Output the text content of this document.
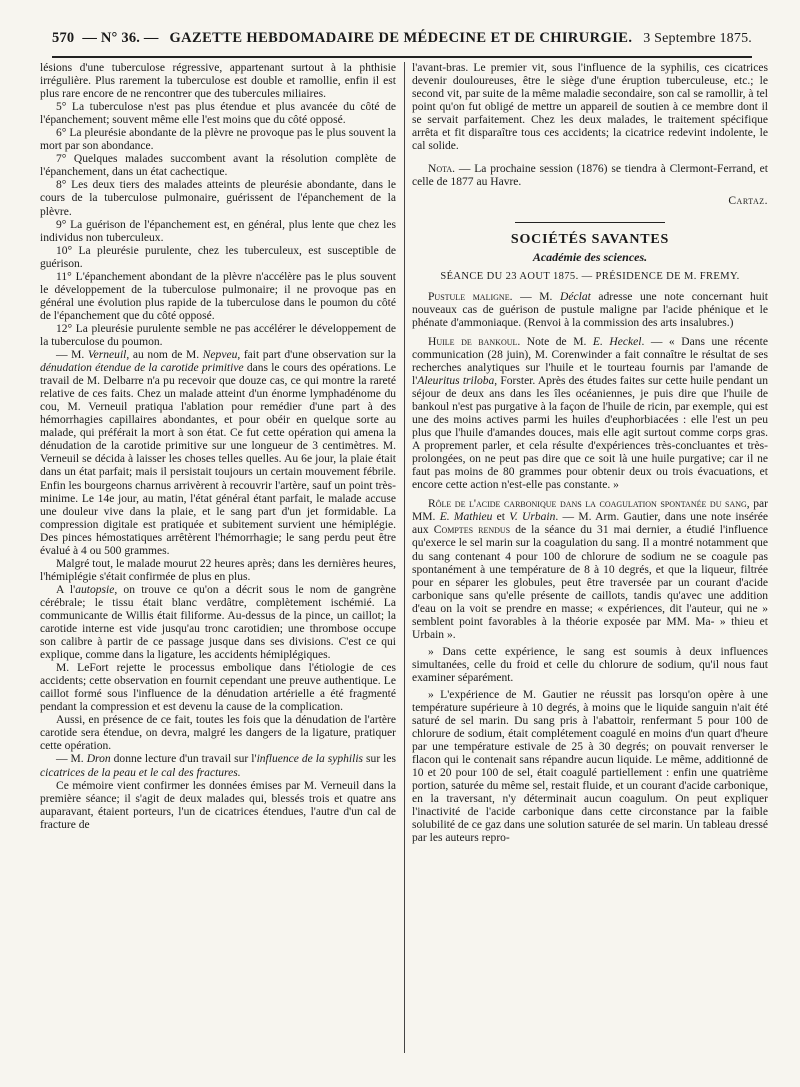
570 — N° 36. — GAZETTE HEBDOMADAIRE DE MÉDECINE ET DE CHIRURGIE. 3 Septembre 1875.

lésions d'une tuberculose régressive, appartenant surtout à la phthisie irrégulière. Plus rarement la tuberculose est double et ramollie, enfin il est plus rare encore de ne rencontrer que des tubercules miliaires.

5° La tuberculose n'est pas plus étendue et plus avancée du côté de l'épanchement; souvent même elle l'est moins que du côté opposé.

6° La pleurésie abondante de la plèvre ne provoque pas le plus souvent la mort par son abondance.

7° Quelques malades succombent avant la résolution complète de l'épanchement, dans un état cachectique.

8° Les deux tiers des malades atteints de pleurésie abondante, dans le cours de la tuberculose pulmonaire, guérissent de l'épanchement de la plèvre.

9° La guérison de l'épanchement est, en général, plus lente que chez les individus non tuberculeux.

10° La pleurésie purulente, chez les tuberculeux, est susceptible de guérison.

11° L'épanchement abondant de la plèvre n'accélère pas le plus souvent le développement de la tuberculose pulmonaire; il ne provoque pas en général une évolution plus rapide de la tuberculose dans le poumon du côté de l'épanchement que du côté opposé.

12° La pleurésie purulente semble ne pas accélérer le développement de la tuberculose du poumon.

— M. Verneuil, au nom de M. Nepveu, fait part d'une observation sur la dénudation étendue de la carotide primitive dans le cours des opérations. Le travail de M. Delbarre n'a pu recevoir que douze cas, ce qui montre la rareté relative de ces faits. Chez un malade atteint d'un énorme lymphadénome du cou, M. Verneuil pratiqua l'ablation pour remédier d'une part à des hémorrhagies capillaires abondantes, et pour obéir en quelque sorte au malade, qui préférait la mort à son état. Ce fut cette opération qui amena la dénudation de la carotide primitive sur une longueur de 3 centimètres. M. Verneuil se décida à laisser les choses telles quelles. Au 6e jour, la plaie était dans un état parfait; mais il persistait toujours un certain mouvement fébrile. Enfin les bourgeons charnus arrivèrent à recouvrir l'artère, sauf un point très-minime. Le 14e jour, au matin, l'état général étant parfait, le malade accuse une douleur vive dans la plaie, et le sang part d'un jet formidable. La compression digitale est pratiquée et subitement survient une hémiplégie. Des pinces hémostatiques arrêtèrent l'hémorrhagie; le sang perdu peut être évalué à 4 ou 500 grammes.

Malgré tout, le malade mourut 22 heures après; dans les dernières heures, l'hémiplégie s'était confirmée de plus en plus.

A l'autopsie, on trouve ce qu'on a décrit sous le nom de gangrène cérébrale; le tissu était blanc verdâtre, complètement ischémié. La communicante de Willis était filiforme. Au-dessus de la pince, un caillot; la carotide interne est vide jusqu'au tronc carotidien; une thrombose occupe son calibre à partir de ce passage jusque dans ses divisions. C'est ce qui explique, comme dans la ligature, les accidents hémiplégiques.

M. LeFort rejette le processus embolique dans l'étiologie de ces accidents; cette observation en fournit cependant une preuve authentique. Le caillot formé sous l'influence de la dénudation artérielle a été fragmenté pendant la compression et est devenu la cause de la complication.

Aussi, en présence de ce fait, toutes les fois que la dénudation de l'artère carotide sera étendue, on devra, malgré les dangers de la ligature, pratiquer cette opération.

— M. Dron donne lecture d'un travail sur l'influence de la syphilis sur les cicatrices de la peau et le cal des fractures.

Ce mémoire vient confirmer les données émises par M. Verneuil dans la première séance; il s'agit de deux malades qui, blessés trois et quatre ans auparavant, étaient porteurs, l'un de cicatrices étendues, l'autre d'un cal de fracture de

l'avant-bras. Le premier vit, sous l'influence de la syphilis, ces cicatrices devenir douloureuses, être le siège d'une éruption tuberculeuse, etc.; le second vit, par suite de la même maladie secondaire, son cal se ramollir, à tel point qu'on fut obligé de mettre un appareil de soutien à ce membre dont il se servait parfaitement. Chez les deux malades, le traitement spécifique arrêta et fit disparaître tous ces accidents; la cicatrice redevint indolente, le cal solide.

Nota. — La prochaine session (1876) se tiendra à Clermont-Ferrand, et celle de 1877 au Havre.

Cartaz.
SOCIÉTÉS SAVANTES
Académie des sciences.
SÉANCE DU 23 AOUT 1875. — PRÉSIDENCE DE M. FREMY.

Pustule maligne. — M. Déclat adresse une note concernant huit nouveaux cas de guérison de pustule maligne par l'acide phénique et le phénate d'ammoniaque. (Renvoi à la commission des arts insalubres.)

Huile de bankoul. Note de M. E. Heckel. — « Dans une récente communication (28 juin), M. Corenwinder a fait connaître le résultat de ses recherches analytiques sur l'huile et le tourteau fournis par l'amande de l'Aleuritus triloba, Forster. Après des études faites sur cette huile pendant un séjour de deux ans dans les îles océaniennes, je puis dire que l'huile de bankoul n'est pas purgative à la façon de l'huile de ricin, par exemple, qui est une des moins actives parmi les huiles d'euphorbiacées : elle l'est un peu plus que l'huile d'amandes douces, mais elle agit surtout comme corps gras. A proprement parler, et cela résulte d'expériences très-concluantes et très-prolongées, on ne peut pas dire que ce soit là une huile purgative; car il ne faut pas moins de 80 grammes pour obtenir deux ou trois évacuations, et encore cette action n'est-elle pas constante. »

Rôle de l'acide carbonique dans la coagulation spontanée du sang, par MM. E. Mathieu et V. Urbain. — M. Arm. Gautier, dans une note insérée aux Comptes rendus de la séance du 31 mai dernier, a étudié l'influence qu'exerce le sel marin sur la coagulation du sang. Il a montré notamment que du sang contenant 4 pour 100 de chlorure de sodium ne se coagule pas spontanément à une température de 8 à 10 degrés, et que la liqueur, filtrée pour en séparer les globules, peut être traversée par un courant d'acide carbonique sans qu'elle présente de caillots, tandis qu'avec une addition d'eau on la voit se prendre en masse; « expériences, dit l'auteur, qui ne » semblent point favorables à la théorie exposée par MM. Ma- » thieu et Urbain ».

» Dans cette expérience, le sang est soumis à deux influences simultanées, celle du froid et celle du chlorure de sodium, qu'il nous faut examiner séparément.

» L'expérience de M. Gautier ne réussit pas lorsqu'on opère à une température supérieure à 10 degrés, à moins que le liquide sanguin n'ait été saturé de sel marin. Du sang pris à l'abattoir, renfermant 5 pour 100 de chlorure de sodium, était complétement coagulé en moins d'un quart d'heure par une température estivale de 25 à 30 degrés; on pouvait renverser le flacon qui le contenait sans répandre aucun liquide. Le même, additionné de 10 et 20 pour 100 de sel, était coagulé partiellement : enfin une quatrième portion, saturée du même sel, restait fluide, et un courant d'acide carbonique, en la traversant, n'y déterminait aucun coagulum. On peut expliquer l'inactivité de l'acide carbonique dans cette circonstance par la faible solubilité de ce gaz dans une solution saturée de sel marin. Un tableau dressé par les auteurs repro-
